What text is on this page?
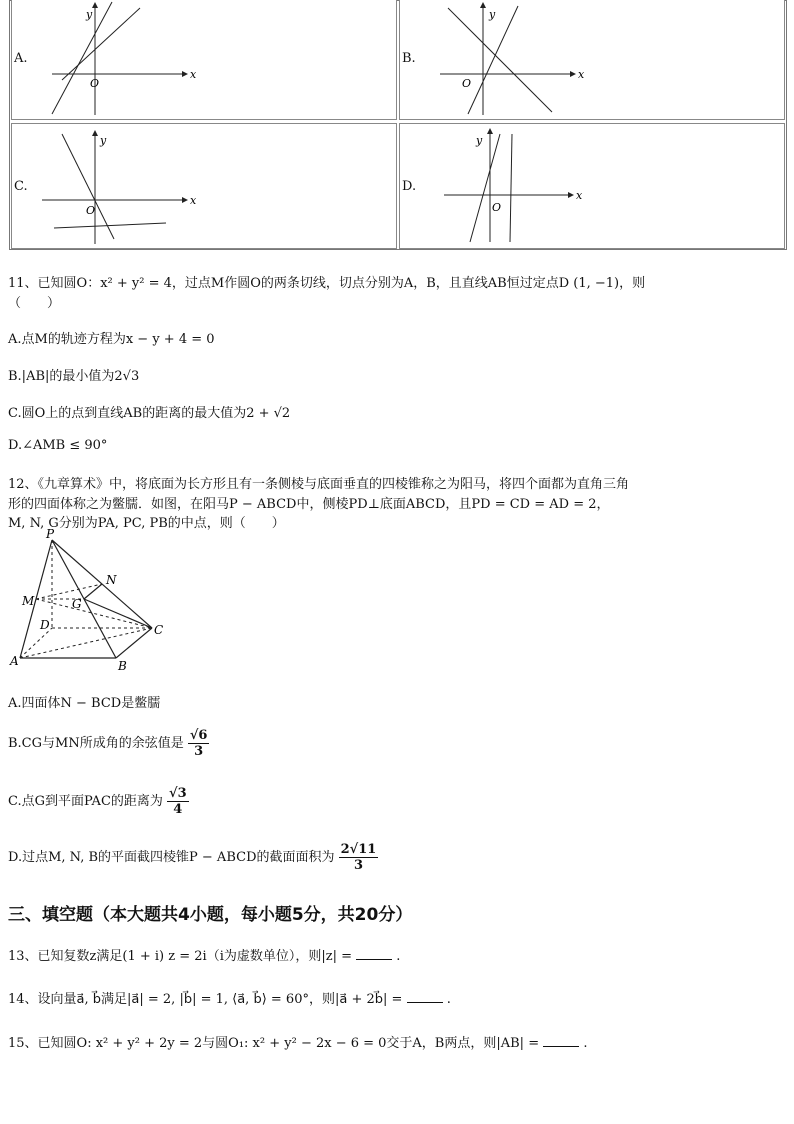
A.
x
y
O
B.
x
y
O
C.
x
y
O
D.
x
y
O
11、已知圆O：x² + y² = 4，过点M作圆O的两条切线，切点分别为A，B，且直线AB恒过定点D (1, −1)，则
（　　）
A.点M的轨迹方程为x − y + 4 = 0
B.|AB|的最小值为2√3
C.圆O上的点到直线AB的距离的最大值为2 + √2
D.∠AMB ≤ 90°
12、《九章算术》中，将底面为长方形且有一条侧棱与底面垂直的四棱锥称之为阳马，将四个面都为直角三角
形的四面体称之为鳖臑．如图，在阳马P − ABCD中，侧棱PD⊥底面ABCD，且PD = CD = AD = 2，
M, N, G分别为PA, PC, PB的中点，则（　　）
P
N
M	G
D	C
A	B
A.四面体N − BCD是鳖臑
B.CG与MN所成角的余弦值是 $\frac{√6}{3}$
C.点G到平面PAC的距离为 $\frac{√3}{4}$
D.过点M, N, B的平面截四棱锥P − ABCD的截面面积为 $\frac{2√11}{3}$
三、填空题（本大题共4小题，每小题5分，共20分）
13、已知复数z满足(1 + i) z = 2i（i为虚数单位），则|z| =	.
14、设向量a⃗, b⃗满足|a⃗| = 2, |b⃗| = 1, ⟨a⃗, b⃗⟩ = 60°，则|a⃗ + 2b⃗| =	.
15、已知圆O: x² + y² + 2y = 2与圆O₁: x² + y² − 2x − 6 = 0交于A，B两点，则|AB| =	.
